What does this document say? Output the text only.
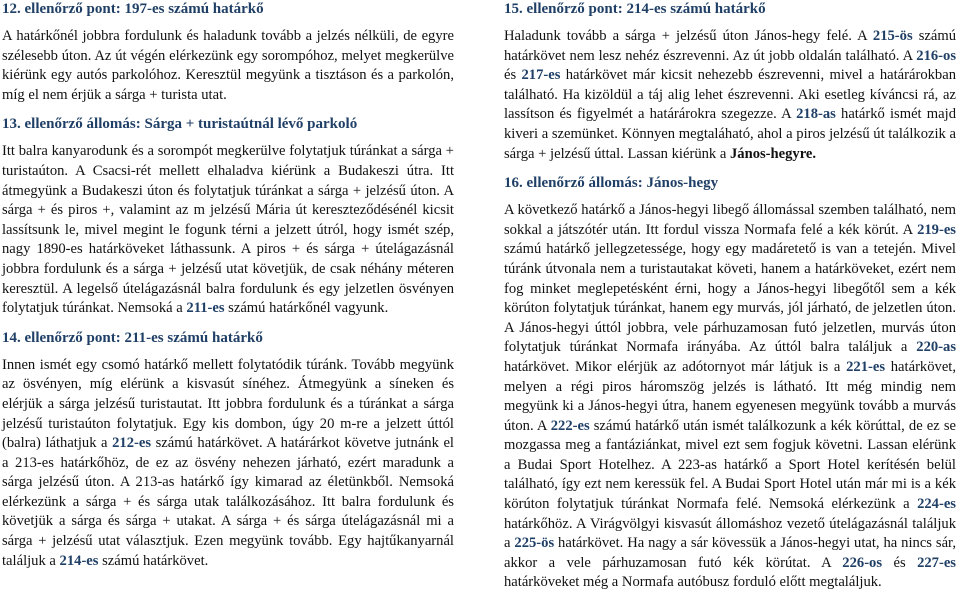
12. ellenőrző pont: 197-es számú határkő
A határkőnél jobbra fordulunk és haladunk tovább a jelzés nélküli, de egyre szélesebb úton. Az út végén elérkezünk egy sorompóhoz, melyet megkerülve kiérünk egy autós parkolóhoz. Keresztül megyünk a tisztáson és a parkolón, míg el nem érjük a sárga + turista utat.
13. ellenőrző állomás: Sárga + turistaútnál lévő parkoló
Itt balra kanyarodunk és a sorompót megkerülve folytatjuk túránkat a sárga + turistaúton. A Csacsi-rét mellett elhaladva kiérünk a Budakeszi útra. Itt átmegyünk a Budakeszi úton és folytatjuk túránkat a sárga + jelzésű úton. A sárga + és piros +, valamint az m jelzésű Mária út kereszteződésénél kicsit lassítsunk le, mivel megint le fogunk térni a jelzett útról, hogy ismét szép, nagy 1890-es határköveket láthassunk. A piros + és sárga + útelágazásnál jobbra fordulunk és a sárga + jelzésű utat követjük, de csak néhány méteren keresztül. A legelső útelágazásnál balra fordulunk és egy jelzetlen ösvényen folytatjuk túránkat. Nemsoká a 211-es számú határkőnél vagyunk.
14. ellenőrző pont: 211-es számú határkő
Innen ismét egy csomó határkő mellett folytatódik túránk. Tovább megyünk az ösvényen, míg elérünk a kisvasút sínéhez. Átmegyünk a síneken és elérjük a sárga jelzésű turistautat. Itt jobbra fordulunk és a túránkat a sárga jelzésű turistaúton folytatjuk. Egy kis dombon, úgy 20 m-re a jelzett úttól (balra) láthatjuk a 212-es számú határkövet. A határárkot követve jutnánk el a 213-es határkőhöz, de ez az ösvény nehezen járható, ezért maradunk a sárga jelzésű úton. A 213-as határkő így kimarad az életünkből. Nemsoká elérkezünk a sárga + és sárga utak találkozásához. Itt balra fordulunk és követjük a sárga és sárga + utakat. A sárga + és sárga útelágazásnál mi a sárga + jelzésű utat választjuk. Ezen megyünk tovább. Egy hajtűkanyarnál találjuk a 214-es számú határkövet.
15. ellenőrző pont: 214-es számú határkő
Haladunk tovább a sárga + jelzésű úton János-hegy felé. A 215-ös számú határkövet nem lesz nehéz észrevenni. Az út jobb oldalán található. A 216-os és 217-es határkövet már kicsit nehezebb észrevenni, mivel a határárokban található. Ha kizöldül a táj alig lehet észrevenni. Aki esetleg kíváncsi rá, az lassítson és figyelmét a határárokra szegezze. A 218-as határkő ismét majd kiveri a szemünket. Könnyen megtaláható, ahol a piros jelzésű út találkozik a sárga + jelzésű úttal. Lassan kiérünk a János-hegyre.
16. ellenőrző állomás: János-hegy
A következő határkő a János-hegyi libegő állomással szemben található, nem sokkal a játszótér után. Itt fordul vissza Normafa felé a kék körút. A 219-es számú határkő jellegzetessége, hogy egy madáretető is van a tetején. Mivel túránk útvonala nem a turistautakat követi, hanem a határköveket, ezért nem fog minket meglepetésként érni, hogy a János-hegyi libegőtől sem a kék körúton folytatjuk túránkat, hanem egy murvás, jól járható, de jelzetlen úton. A János-hegyi úttól jobbra, vele párhuzamosan futó jelzetlen, murvás úton folytatjuk túránkat Normafa irányába. Az úttól balra találjuk a 220-as határkövet. Mikor elérjük az adótornyot már látjuk is a 221-es határkövet, melyen a régi piros háromszög jelzés is látható. Itt még mindig nem megyünk ki a János-hegyi útra, hanem egyenesen megyünk tovább a murvás úton. A 222-es számú határkő után ismét találkozunk a kék körúttal, de ez se mozgassa meg a fantáziánkat, mivel ezt sem fogjuk követni. Lassan elérünk a Budai Sport Hotelhez. A 223-as határkő a Sport Hotel kerítésén belül található, így ezt nem keressük fel. A Budai Sport Hotel után már mi is a kék körúton folytatjuk túránkat Normafa felé. Nemsoká elérkezünk a 224-es határkőhöz. A Virágvölgyi kisvasút állomáshoz vezető útelágazásnál találjuk a 225-ös határkövet. Ha nagy a sár kövessük a János-hegyi utat, ha nincs sár, akkor a vele párhuzamosan futó kék körútat. A 226-os és 227-es határköveket még a Normafa autóbusz forduló előtt megtaláljuk.
